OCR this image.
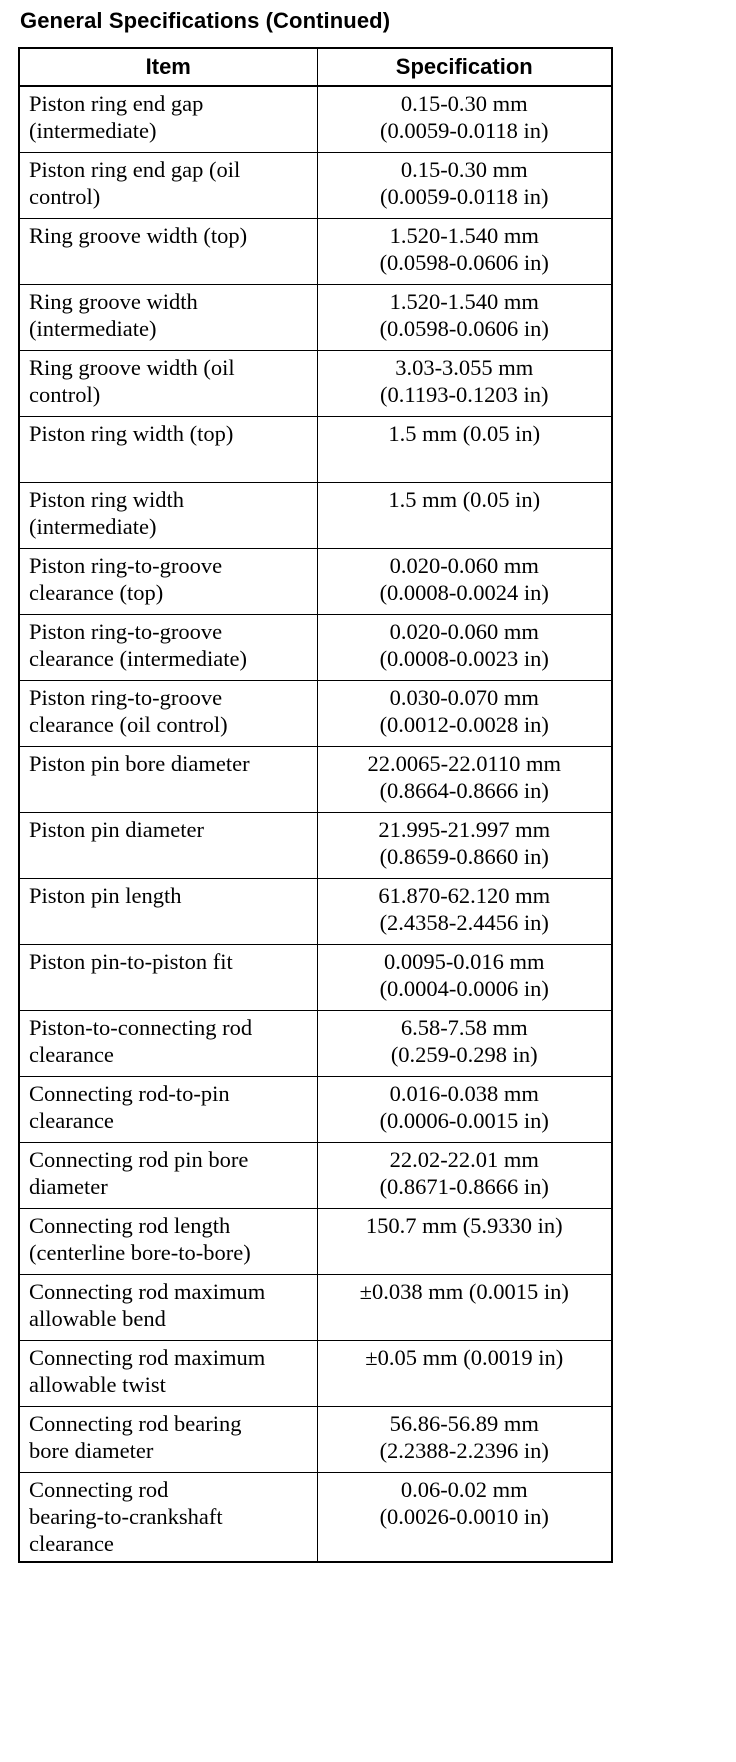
General Specifications (Continued)
Item	Specification

Piston ring end gap
(intermediate)	0.15-0.30 mm
(0.0059-0.0118 in)

Piston ring end gap (oil
control)	0.15-0.30 mm
(0.0059-0.0118 in)

Ring groove width (top)	1.520-1.540 mm
(0.0598-0.0606 in)

Ring groove width
(intermediate)	1.520-1.540 mm
(0.0598-0.0606 in)

Ring groove width (oil
control)	3.03-3.055 mm
(0.1193-0.1203 in)

Piston ring width (top)	1.5 mm (0.05 in)

Piston ring width
(intermediate)	1.5 mm (0.05 in)

Piston ring-to-groove
clearance (top)	0.020-0.060 mm
(0.0008-0.0024 in)

Piston ring-to-groove
clearance (intermediate)	0.020-0.060 mm
(0.0008-0.0023 in)

Piston ring-to-groove
clearance (oil control)	0.030-0.070 mm
(0.0012-0.0028 in)

Piston pin bore diameter	22.0065-22.0110 mm
(0.8664-0.8666 in)

Piston pin diameter	21.995-21.997 mm
(0.8659-0.8660 in)

Piston pin length	61.870-62.120 mm
(2.4358-2.4456 in)

Piston pin-to-piston fit	0.0095-0.016 mm
(0.0004-0.0006 in)

Piston-to-connecting rod
clearance	6.58-7.58 mm
(0.259-0.298 in)

Connecting rod-to-pin
clearance	0.016-0.038 mm
(0.0006-0.0015 in)

Connecting rod pin bore
diameter	22.02-22.01 mm
(0.8671-0.8666 in)

Connecting rod length
(centerline bore-to-bore)	150.7 mm (5.9330 in)

Connecting rod maximum
allowable bend	±0.038 mm (0.0015 in)

Connecting rod maximum
allowable twist	±0.05 mm (0.0019 in)

Connecting rod bearing
bore diameter	56.86-56.89 mm
(2.2388-2.2396 in)

Connecting rod
bearing-to-crankshaft
clearance	0.06-0.02 mm
(0.0026-0.0010 in)
